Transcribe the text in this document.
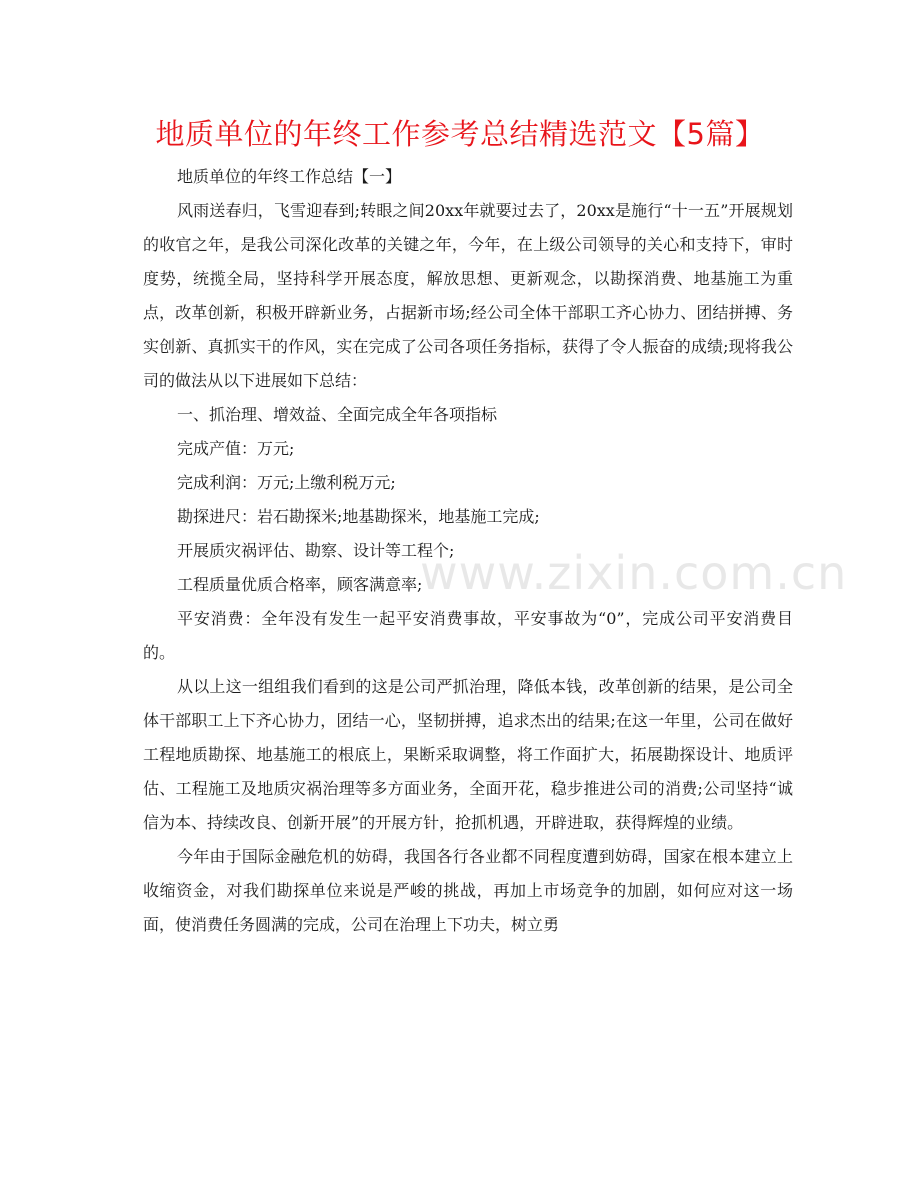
地质单位的年终工作参考总结精选范文【5篇】

地质单位的年终工作总结【一】

风雨送春归，飞雪迎春到;转眼之间20xx年就要过去了，20xx是施行“十一五”开展规划的收官之年，是我公司深化改革的关键之年，今年，在上级公司领导的关心和支持下，审时度势，统揽全局，坚持科学开展态度，解放思想、更新观念，以勘探消费、地基施工为重点，改革创新，积极开辟新业务，占据新市场;经公司全体干部职工齐心协力、团结拼搏、务实创新、真抓实干的作风，实在完成了公司各项任务指标，获得了令人振奋的成绩;现将我公司的做法从以下进展如下总结：

一、抓治理、增效益、全面完成全年各项指标

完成产值：万元;

完成利润：万元;上缴利税万元;

勘探进尺：岩石勘探米;地基勘探米，地基施工完成;

开展质灾祸评估、勘察、设计等工程个;

工程质量优质合格率，顾客满意率;

平安消费：全年没有发生一起平安消费事故，平安事故为“0”，完成公司平安消费目的。

从以上这一组组我们看到的这是公司严抓治理，降低本钱，改革创新的结果，是公司全体干部职工上下齐心协力，团结一心，坚韧拼搏，追求杰出的结果;在这一年里，公司在做好工程地质勘探、地基施工的根底上，果断采取调整，将工作面扩大，拓展勘探设计、地质评估、工程施工及地质灾祸治理等多方面业务，全面开花，稳步推进公司的消费;公司坚持“诚信为本、持续改良、创新开展”的开展方针，抢抓机遇，开辟进取，获得辉煌的业绩。

今年由于国际金融危机的妨碍，我国各行各业都不同程度遭到妨碍，国家在根本建立上收缩资金，对我们勘探单位来说是严峻的挑战，再加上市场竞争的加剧，如何应对这一场面，使消费任务圆满的完成，公司在治理上下功夫，树立勇

www.zixin.com.cn
